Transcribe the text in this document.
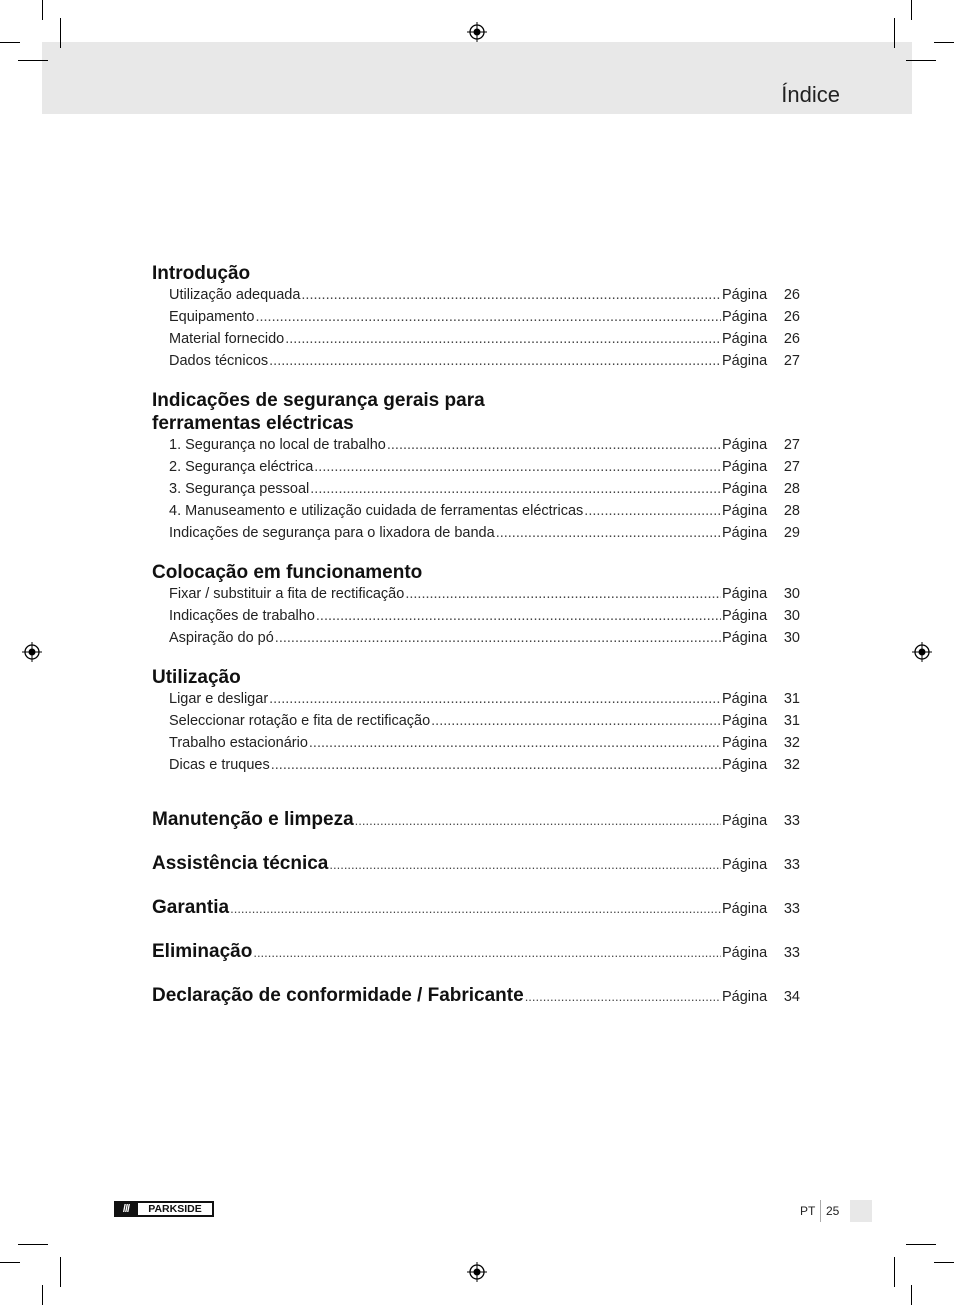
Índice
Introdução
Utilização adequada .....	Página 26
Equipamento .....	Página 26
Material fornecido .....	Página 26
Dados técnicos .....	Página 27
Indicações de segurança gerais para
ferramentas eléctricas
1. Segurança no local de trabalho .....	Página 27
2. Segurança eléctrica .....	Página 27
3. Segurança pessoal .....	Página 28
4. Manuseamento e utilização cuidada de ferramentas eléctricas .....	Página 28
Indicações de segurança para o lixadora de banda .....	Página 29
Colocação em funcionamento
Fixar / substituir a fita de rectificação .....	Página 30
Indicações de trabalho .....	Página 30
Aspiração do pó .....	Página 30
Utilização
Ligar e desligar .....	Página 31
Seleccionar rotação e fita de rectificação .....	Página 31
Trabalho estacionário .....	Página 32
Dicas e truques .....	Página 32
Manutenção e limpeza .....	Página 33
Assistência técnica .....	Página 33
Garantia .....	Página 33
Eliminação .....	Página 33
Declaração de conformidade / Fabricante .....	Página 34
///	PARKSIDE	PT 25
